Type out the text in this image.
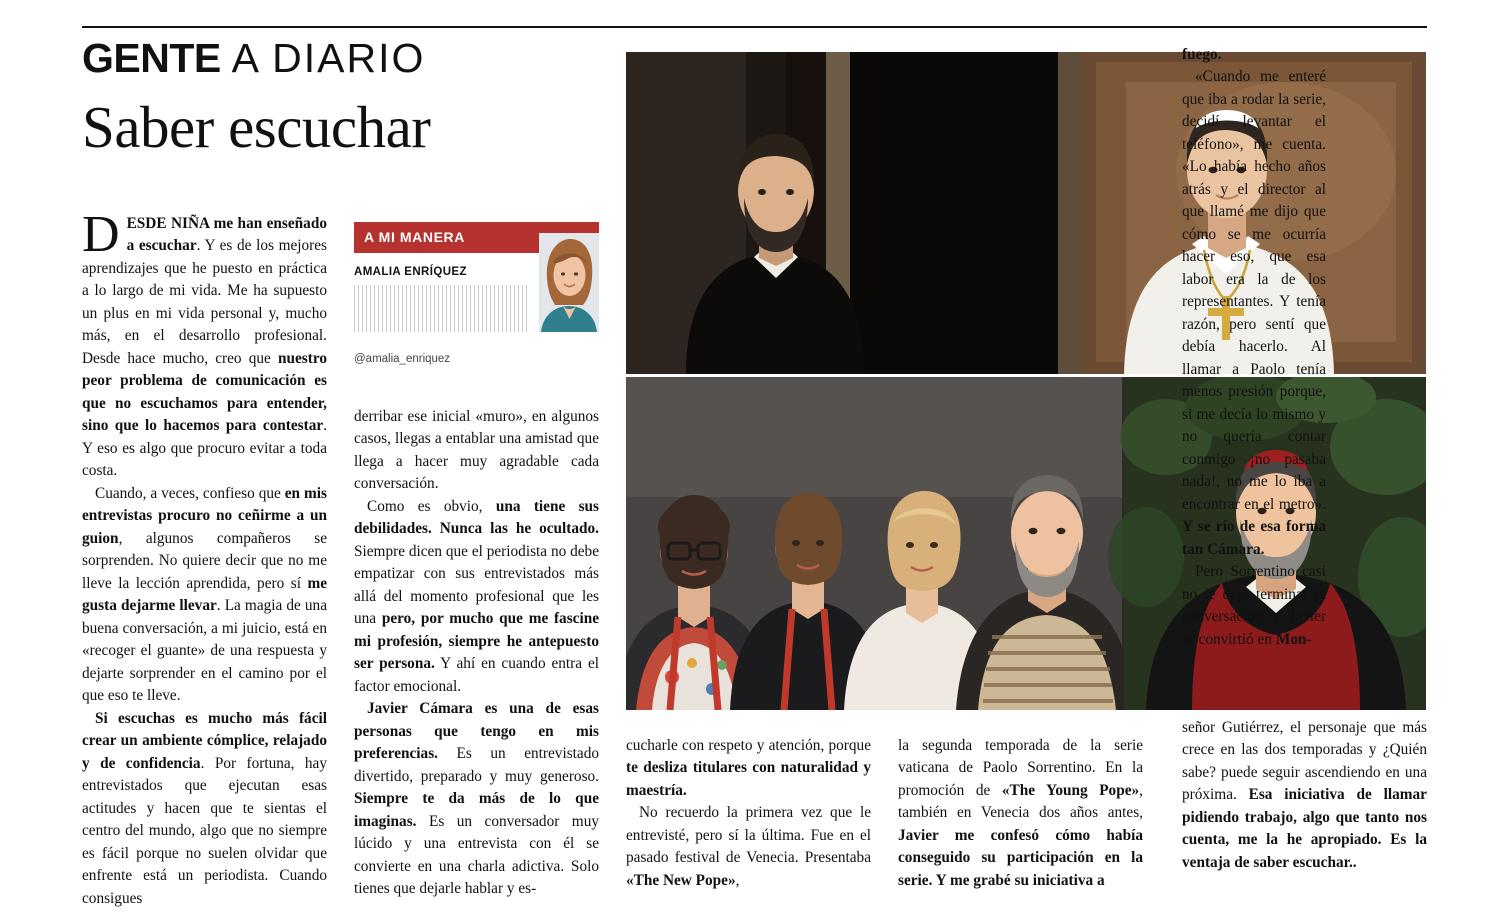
GENTE A DIARIO
Saber escuchar
A MI MANERA
AMALIA ENRÍQUEZ
@amalia_enriquez

DESDE NIÑA me han enseñado a escuchar. Y es de los mejores aprendizajes que he puesto en práctica a lo largo de mi vida. Me ha supuesto un plus en mi vida personal y, mucho más, en el desarrollo profesional. Desde hace mucho, creo que nuestro peor problema de comunicación es que no escuchamos para entender, sino que lo hacemos para contestar. Y eso es algo que procuro evitar a toda costa.

Cuando, a veces, confieso que en mis entrevistas procuro no ceñirme a un guion, algunos compañeros se sorprenden. No quiere decir que no me lleve la lección aprendida, pero sí me gusta dejarme llevar. La magia de una buena conversación, a mi juicio, está en «recoger el guante» de una respuesta y dejarte sorprender en el camino por el que eso te lleve.

Si escuchas es mucho más fácil crear un ambiente cómplice, relajado y de confidencia. Por fortuna, hay entrevistados que ejecutan esas actitudes y hacen que te sientas el centro del mundo, algo que no siempre es fácil porque no suelen olvidar que enfrente está un periodista. Cuando consigues

derribar ese inicial «muro», en algunos casos, llegas a entablar una amistad que llega a hacer muy agradable cada conversación.

Como es obvio, una tiene sus debilidades. Nunca las he ocultado. Siempre dicen que el periodista no debe empatizar con sus entrevistados más allá del momento profesional que les una pero, por mucho que me fascine mi profesión, siempre he antepuesto ser persona. Y ahí en cuando entra el factor emocional.

Javier Cámara es una de esas personas que tengo en mis preferencias. Es un entrevistado divertido, preparado y muy generoso. Siempre te da más de lo que imaginas. Es un conversador muy lúcido y una entrevista con él se convierte en una charla adictiva. Solo tienes que dejarle hablar y es-

cucharle con respeto y atención, porque te desliza titulares con naturalidad y maestría.

No recuerdo la primera vez que le entrevisté, pero sí la última. Fue en el pasado festival de Venecia. Presentaba «The New Pope»,

la segunda temporada de la serie vaticana de Paolo Sorrentino. En la promoción de «The Young Pope», también en Venecia dos años antes, Javier me confesó cómo había conseguido su participación en la serie. Y me grabé su iniciativa a

fuego.

«Cuando me enteré que iba a rodar la serie, decidí levantar el teléfono», me cuenta. «Lo había hecho años atrás y el director al que llamé me dijo que cómo se me ocurría hacer eso, que esa labor era la de los representantes. Y tenía razón, pero sentí que debía hacerlo. Al llamar a Paolo tenía menos presión porque, si me decía lo mismo y no quería contar conmigo ¡no pasaba nada!, no me lo iba a encontrar en el metro». Y se río de esa forma tan Cámara.

Pero Sorrentino casi no le dejó terminar la conversación y Javier se convirtió en Mon-

señor Gutiérrez, el personaje que más crece en las dos temporadas y ¿Quién sabe? puede seguir ascendiendo en una próxima. Esa iniciativa de llamar pidiendo trabajo, algo que tanto nos cuenta, me la he apropiado. Es la ventaja de saber escuchar..
